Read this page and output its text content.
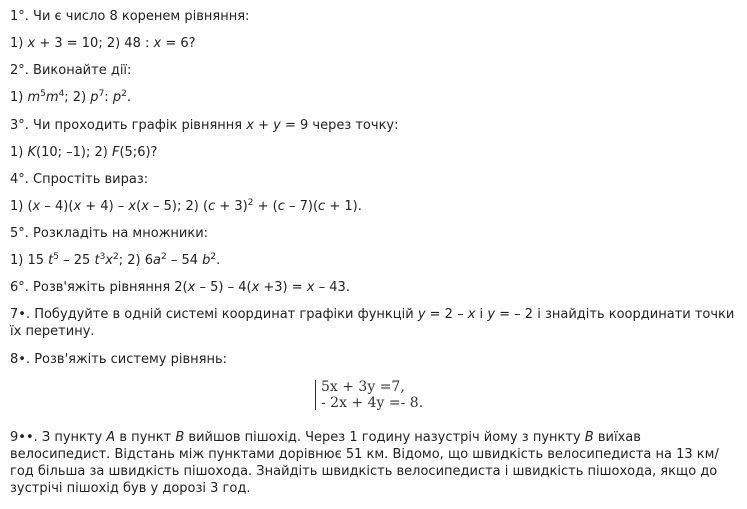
1°. Чи є число 8 коренем рівняння:
1) x + 3 = 10; 2) 48 : x = 6?
2°. Виконайте дії:
1) $m^5m^4$; 2) $p^7$: $p^2$.
3°. Чи проходить графік рівняння x + y = 9 через точку:
1) K(10; –1); 2) F(5;6)?
4°. Спростіть вираз:
1) (x – 4)(x + 4) – x(x – 5); 2) $(c + 3)^2 + (c - 7)(c + 1)$.
5°. Розкладіть на множники:
1) 15 $t^5 - 25$ $t^3x^2$; 2) $6a^2 - 54$ $b^2$.
6°. Розв'яжіть рівняння 2(x – 5) – 4(x +3) = x – 43.
7•. Побудуйте в одній системі координат графіки функцій y = 2 – x і y = – 2 і знайдіть координати точки їх перетину.
8•. Розв'яжіть систему рівнянь:
5x + 3y =7,
- 2x + 4y =- 8.
9••. З пункту A в пункт B вийшов пішохід. Через 1 годину назустріч йому з пункту B виїхав велосипедист. Відстань між пунктами дорівнює 51 км. Відомо, що швидкість велосипедиста на 13 км/год більша за швидкість пішохода. Знайдіть швидкість велосипедиста і швидкість пішохода, якщо до зустрічі пішохід був у дорозі 3 год.
